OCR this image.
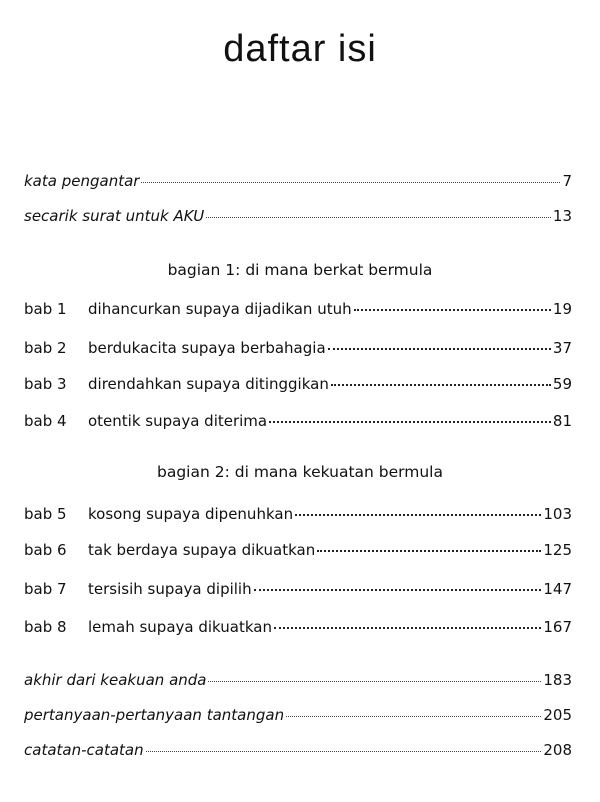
daftar isi
kata pengantar	7
secarik surat untuk AKU	13
bagian 1: di mana berkat bermula
bab 1	dihancurkan supaya dijadikan utuh	19
bab 2	berdukacita supaya berbahagia	37
bab 3	direndahkan supaya ditinggikan	59
bab 4	otentik supaya diterima	81
bagian 2: di mana kekuatan bermula
bab 5	kosong supaya dipenuhkan	103
bab 6	tak berdaya supaya dikuatkan	125
bab 7	tersisih supaya dipilih	147
bab 8	lemah supaya dikuatkan	167
akhir dari keakuan anda	183
pertanyaan-pertanyaan tantangan	205
catatan-catatan	208
